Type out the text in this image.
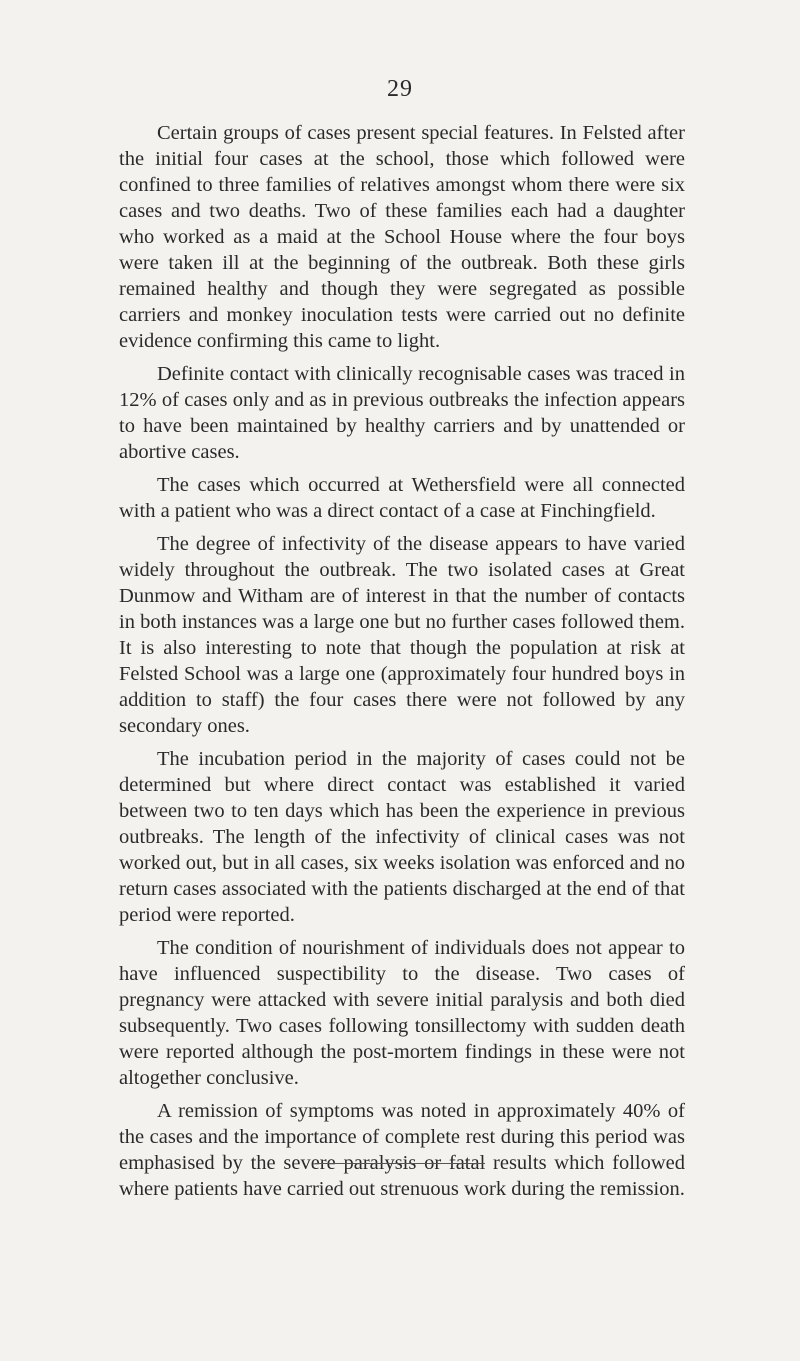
29

Certain groups of cases present special features. In Felsted after the initial four cases at the school, those which followed were confined to three families of relatives amongst whom there were six cases and two deaths. Two of these families each had a daughter who worked as a maid at the School House where the four boys were taken ill at the beginning of the outbreak. Both these girls remained healthy and though they were segregated as possible carriers and monkey inoculation tests were carried out no definite evidence confirming this came to light.

Definite contact with clinically recognisable cases was traced in 12% of cases only and as in previous outbreaks the infection appears to have been maintained by healthy carriers and by unattended or abortive cases.

The cases which occurred at Wethersfield were all connected with a patient who was a direct contact of a case at Finchingfield.

The degree of infectivity of the disease appears to have varied widely throughout the outbreak. The two isolated cases at Great Dunmow and Witham are of interest in that the number of contacts in both instances was a large one but no further cases followed them. It is also interesting to note that though the population at risk at Felsted School was a large one (approximately four hundred boys in addition to staff) the four cases there were not followed by any secondary ones.

The incubation period in the majority of cases could not be determined but where direct contact was established it varied between two to ten days which has been the experience in previous outbreaks. The length of the infectivity of clinical cases was not worked out, but in all cases, six weeks isolation was enforced and no return cases associated with the patients discharged at the end of that period were reported.

The condition of nourishment of individuals does not appear to have influenced suspectibility to the disease. Two cases of pregnancy were attacked with severe initial paralysis and both died subsequently. Two cases following tonsillectomy with sudden death were reported although the post-mortem findings in these were not altogether conclusive.

A remission of symptoms was noted in approximately 40% of the cases and the importance of complete rest during this period was emphasised by the severe paralysis or fatal results which followed where patients have carried out strenuous work during the remission.
